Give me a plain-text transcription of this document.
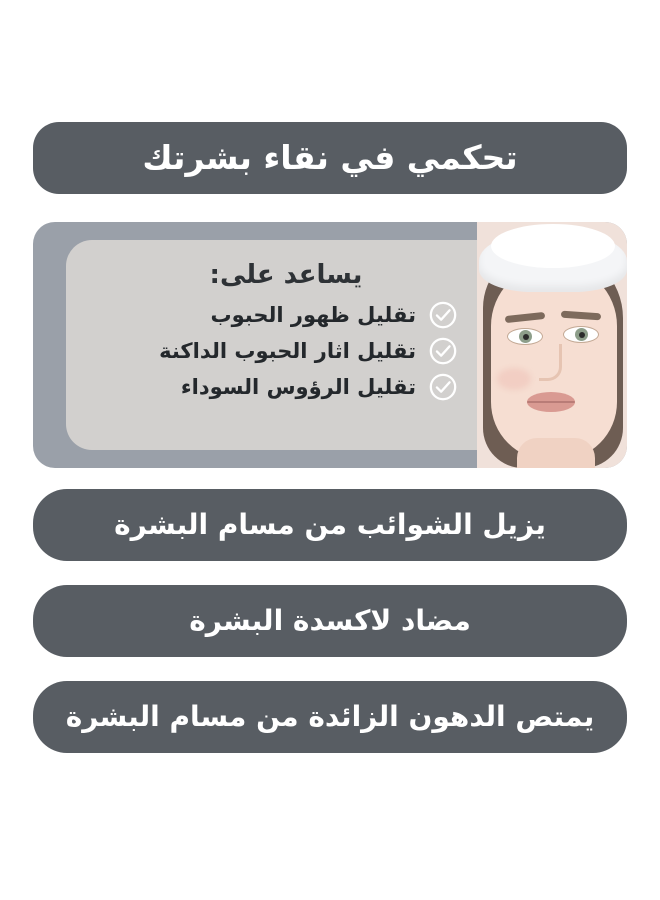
تحكمي في نقاء بشرتك
يساعد على:
تقليل ظهور الحبوب
تقليل اثار الحبوب الداكنة
تقليل الرؤوس السوداء
يزيل الشوائب من مسام البشرة
مضاد لاكسدة البشرة
يمتص الدهون الزائدة من مسام البشرة
